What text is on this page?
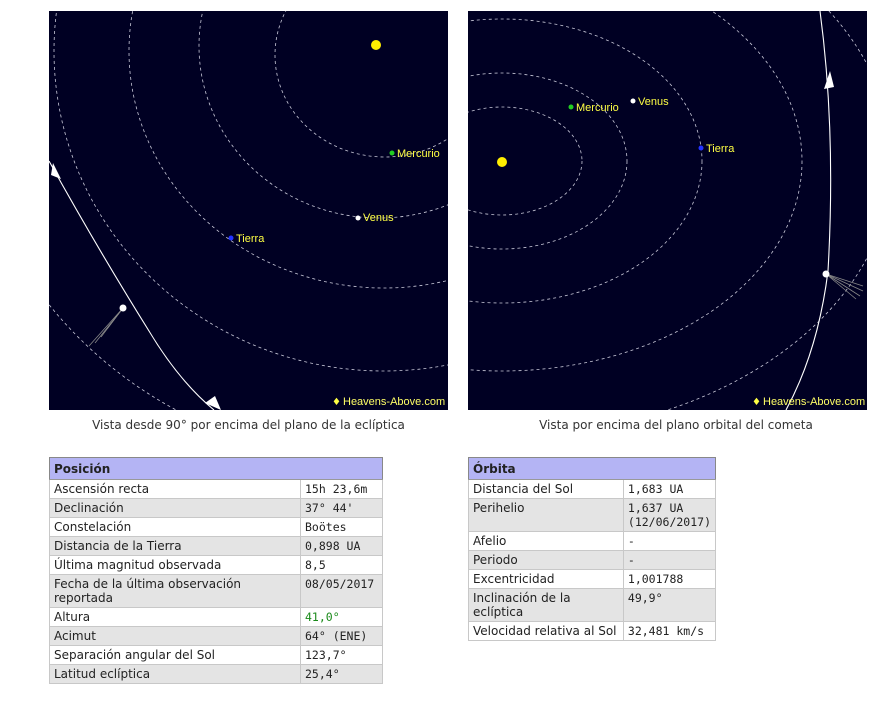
Mercurio
Venus
Tierra
♦ Heavens-Above.com
Vista desde 90° por encima del plano de la eclíptica
Mercurio Venus
Tierra
♦ Heavens-Above.com
Vista por encima del plano orbital del cometa
Posición	
Ascensión recta	15h 23,6m
Declinación	37° 44'
Constelación	Boötes
Distancia de la Tierra	0,898 UA
Última magnitud observada	8,5
Fecha de la última observación reportada	08/05/2017
Altura	41,0°
Acimut	64° (ENE)
Separación angular del Sol	123,7°
Latitud eclíptica	25,4°
Órbita	
Distancia del Sol	1,683 UA
Perihelio	1,637 UA
(12/06/2017)
Afelio	-
Periodo	-
Excentricidad	1,001788
Inclinación de la eclíptica	49,9°
Velocidad relativa al Sol	32,481 km/s
